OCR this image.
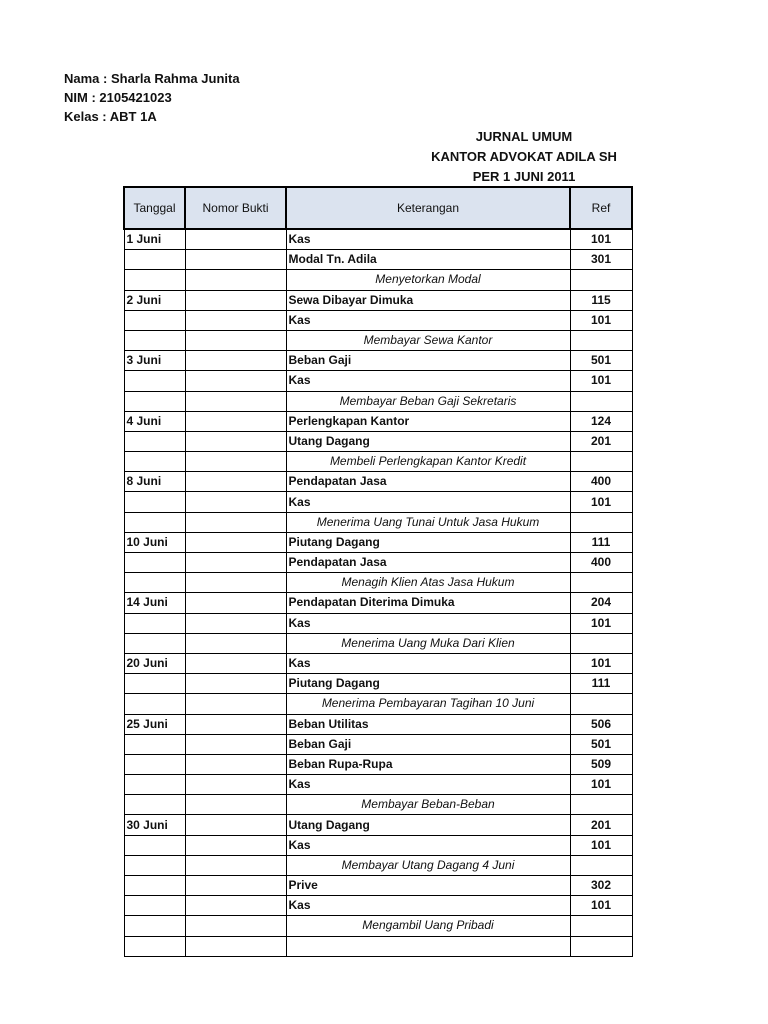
Nama : Sharla Rahma Junita
NIM : 2105421023
Kelas : ABT 1A
JURNAL UMUM
KANTOR ADVOKAT ADILA SH
PER 1 JUNI 2011
Tanggal	Nomor Bukti	Keterangan	Ref
1 Juni		Kas	101
		Modal Tn. Adila	301
		Menyetorkan Modal	
2 Juni		Sewa Dibayar Dimuka	115
		Kas	101
		Membayar Sewa Kantor	
3 Juni		Beban Gaji	501
		Kas	101
		Membayar Beban Gaji Sekretaris	
4 Juni		Perlengkapan Kantor	124
		Utang Dagang	201
		Membeli Perlengkapan Kantor Kredit	
8 Juni		Pendapatan Jasa	400
		Kas	101
		Menerima Uang Tunai Untuk Jasa Hukum	
10 Juni		Piutang Dagang	111
		Pendapatan Jasa	400
		Menagih Klien Atas Jasa Hukum	
14 Juni		Pendapatan Diterima Dimuka	204
		Kas	101
		Menerima Uang Muka Dari Klien	
20 Juni		Kas	101
		Piutang Dagang	111
		Menerima Pembayaran Tagihan 10 Juni	
25 Juni		Beban Utilitas	506
		Beban Gaji	501
		Beban Rupa-Rupa	509
		Kas	101
		Membayar Beban-Beban	
30 Juni		Utang Dagang	201
		Kas	101
		Membayar Utang Dagang 4 Juni	
		Prive	302
		Kas	101
		Mengambil Uang Pribadi	
